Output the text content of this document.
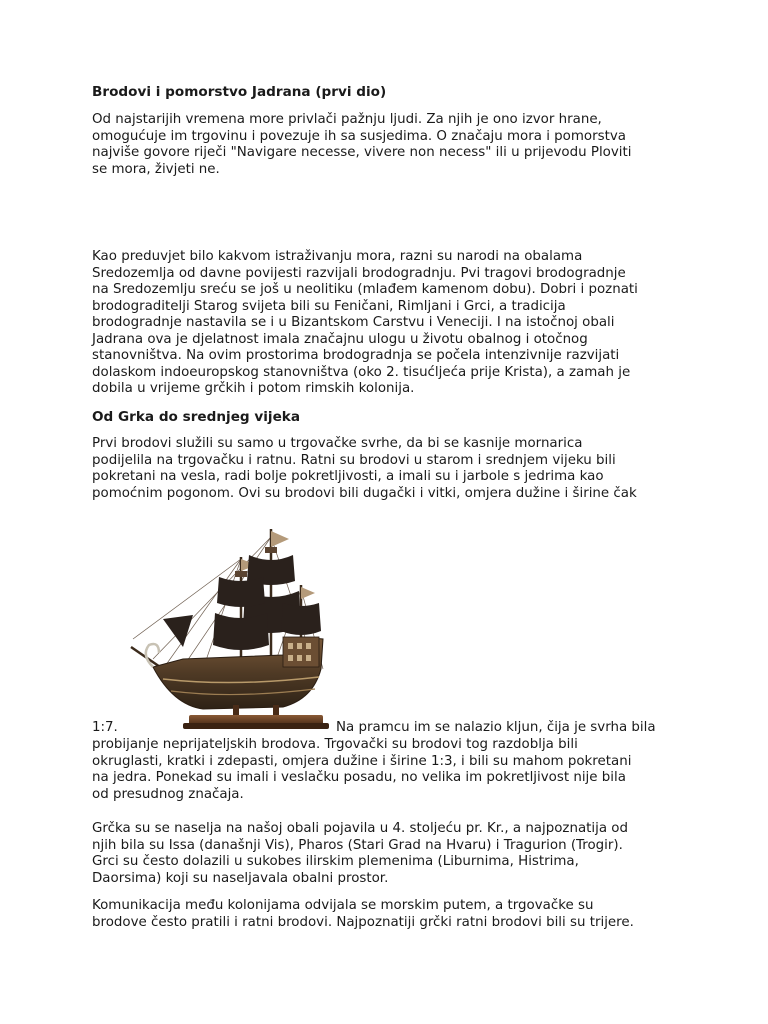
Brodovi i pomorstvo Jadrana (prvi dio)

Od najstarijih vremena more privlači pažnju ljudi. Za njih je ono izvor hrane,
omogućuje im trgovinu i povezuje ih sa susjedima. O značaju mora i pomorstva
najviše govore riječi "Navigare necesse, vivere non necess" ili u prijevodu Ploviti
se mora, živjeti ne.

Kao preduvjet bilo kakvom istraživanju mora, razni su narodi na obalama
Sredozemlja od davne povijesti razvijali brodogradnju. Pvi tragovi brodogradnje
na Sredozemlju sreću se još u neolitiku (mlađem kamenom dobu). Dobri i poznati
brodograditelji Starog svijeta bili su Feničani, Rimljani i Grci, a tradicija
brodogradnje nastavila se i u Bizantskom Carstvu i Veneciji. I na istočnoj obali
Jadrana ova je djelatnost imala značajnu ulogu u životu obalnog i otočnog
stanovništva. Na ovim prostorima brodogradnja se počela intenzivnije razvijati
dolaskom indoeuropskog stanovništva (oko 2. tisućljeća prije Krista), a zamah je
dobila u vrijeme grčkih i potom rimskih kolonija.

Od Grka do srednjeg vijeka

Prvi brodovi služili su samo u trgovačke svrhe, da bi se kasnije mornarica
podijelila na trgovačku i ratnu. Ratni su brodovi u starom i srednjem vijeku bili
pokretani na vesla, radi bolje pokretljivosti, a imali su i jarbole s jedrima kao
pomoćnim pogonom. Ovi su brodovi bili dugački i vitki, omjera dužine i širine čak

1:7.	Na pramcu im se nalazio kljun, čija je svrha bila

probijanje neprijateljskih brodova. Trgovački su brodovi tog razdoblja bili
okruglasti, kratki i zdepasti, omjera dužine i širine 1:3, i bili su mahom pokretani
na jedra. Ponekad su imali i veslačku posadu, no velika im pokretljivost nije bila
od presudnog značaja.

Grčka su se naselja na našoj obali pojavila u 4. stoljeću pr. Kr., a najpoznatija od
njih bila su Issa (današnji Vis), Pharos (Stari Grad na Hvaru) i Tragurion (Trogir).
Grci su često dolazili u sukobes ilirskim plemenima (Liburnima, Histrima,
Daorsima) koji su naseljavala obalni prostor.

Komunikacija među kolonijama odvijala se morskim putem, a trgovačke su
brodove često pratili i ratni brodovi. Najpoznatiji grčki ratni brodovi bili su trijere.
